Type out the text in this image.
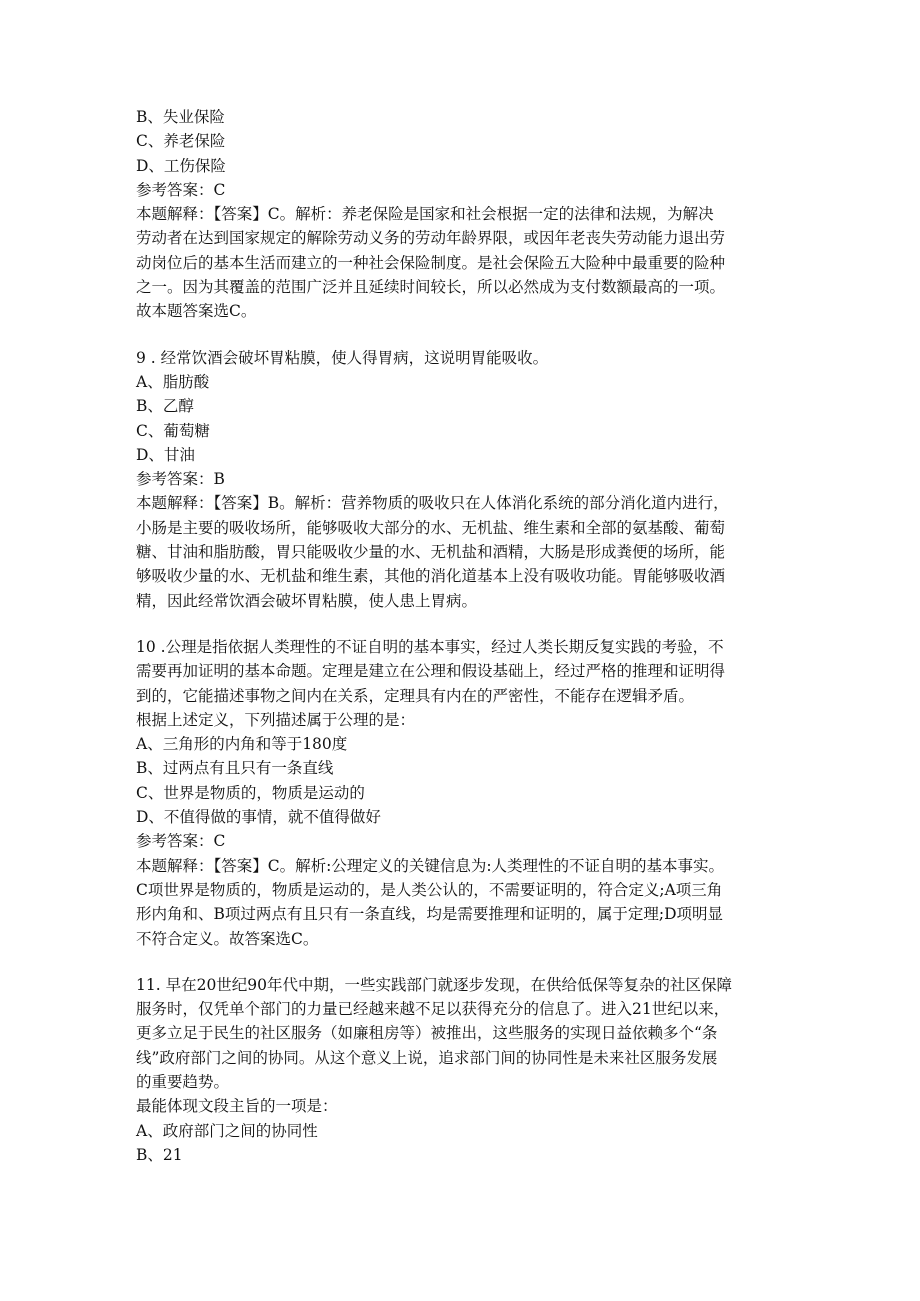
B、失业保险

C、养老保险

D、工伤保险

参考答案：C

本题解释：【答案】C。解析：养老保险是国家和社会根据一定的法律和法规，为解决

劳动者在达到国家规定的解除劳动义务的劳动年龄界限，或因年老丧失劳动能力退出劳

动岗位后的基本生活而建立的一种社会保险制度。是社会保险五大险种中最重要的险种

之一。因为其覆盖的范围广泛并且延续时间较长，所以必然成为支付数额最高的一项。

故本题答案选C。

9 . 经常饮酒会破坏胃粘膜，使人得胃病，这说明胃能吸收。

A、脂肪酸

B、乙醇

C、葡萄糖

D、甘油

参考答案：B

本题解释：【答案】B。解析：营养物质的吸收只在人体消化系统的部分消化道内进行，

小肠是主要的吸收场所，能够吸收大部分的水、无机盐、维生素和全部的氨基酸、葡萄

糖、甘油和脂肪酸，胃只能吸收少量的水、无机盐和酒精，大肠是形成粪便的场所，能

够吸收少量的水、无机盐和维生素，其他的消化道基本上没有吸收功能。胃能够吸收酒

精，因此经常饮酒会破坏胃粘膜，使人患上胃病。

10 .公理是指依据人类理性的不证自明的基本事实，经过人类长期反复实践的考验，不

需要再加证明的基本命题。定理是建立在公理和假设基础上，经过严格的推理和证明得

到的，它能描述事物之间内在关系，定理具有内在的严密性，不能存在逻辑矛盾。

根据上述定义，下列描述属于公理的是：

A、三角形的内角和等于180度

B、过两点有且只有一条直线

C、世界是物质的，物质是运动的

D、不值得做的事情，就不值得做好

参考答案：C

本题解释：【答案】C。解析:公理定义的关键信息为:人类理性的不证自明的基本事实。

C项世界是物质的，物质是运动的，是人类公认的，不需要证明的，符合定义;A项三角

形内角和、B项过两点有且只有一条直线，均是需要推理和证明的，属于定理;D项明显

不符合定义。故答案选C。

11. 早在20世纪90年代中期，一些实践部门就逐步发现，在供给低保等复杂的社区保障

服务时，仅凭单个部门的力量已经越来越不足以获得充分的信息了。进入21世纪以来，

更多立足于民生的社区服务（如廉租房等）被推出，这些服务的实现日益依赖多个“条

线”政府部门之间的协同。从这个意义上说，追求部门间的协同性是未来社区服务发展

的重要趋势。

最能体现文段主旨的一项是：

A、政府部门之间的协同性

B、21
